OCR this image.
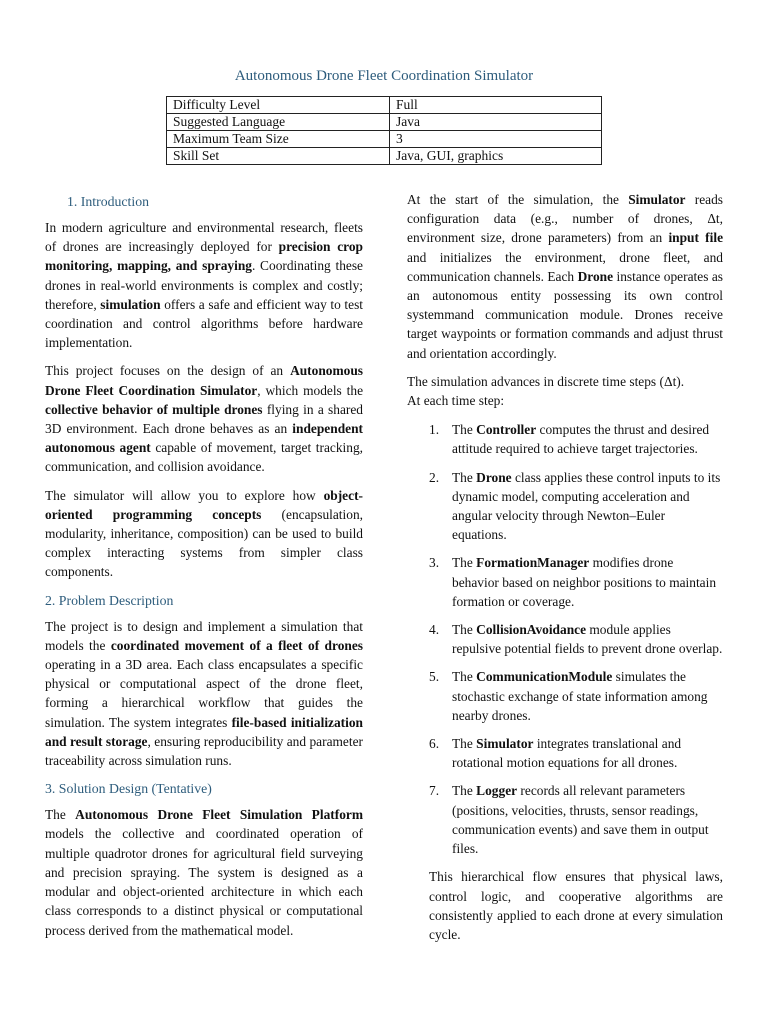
Autonomous Drone Fleet Coordination Simulator
Difficulty Level	Full
Suggested Language	Java
Maximum Team Size	3
Skill Set	Java, GUI, graphics
1. Introduction

In modern agriculture and environmental research, fleets of drones are increasingly deployed for precision crop monitoring, mapping, and spraying. Coordinating these drones in real-world environments is complex and costly; therefore, simulation offers a safe and efficient way to test coordination and control algorithms before hardware implementation.

This project focuses on the design of an Autonomous Drone Fleet Coordination Simulator, which models the collective behavior of multiple drones flying in a shared 3D environment. Each drone behaves as an independent autonomous agent capable of movement, target tracking, communication, and collision avoidance.

The simulator will allow you to explore how object-oriented programming concepts (encapsulation, modularity, inheritance, composition) can be used to build complex interacting systems from simpler class components.

2. Problem Description

The project is to design and implement a simulation that models the coordinated movement of a fleet of drones operating in a 3D area. Each class encapsulates a specific physical or computational aspect of the drone fleet, forming a hierarchical workflow that guides the simulation. The system integrates file-based initialization and result storage, ensuring reproducibility and parameter traceability across simulation runs.

3. Solution Design (Tentative)

The Autonomous Drone Fleet Simulation Platform models the collective and coordinated operation of multiple quadrotor drones for agricultural field surveying and precision spraying. The system is designed as a modular and object-oriented architecture in which each class corresponds to a distinct physical or computational process derived from the mathematical model.

At the start of the simulation, the Simulator reads configuration data (e.g., number of drones, Δt, environment size, drone parameters) from an input file and initializes the environment, drone fleet, and communication channels. Each Drone instance operates as an autonomous entity possessing its own control systemmand communication module. Drones receive target waypoints or formation commands and adjust thrust and orientation accordingly.

The simulation advances in discrete time steps (Δt).

At each time step:

1. The Controller computes the thrust and desired attitude required to achieve target trajectories.
2. The Drone class applies these control inputs to its dynamic model, computing acceleration and angular velocity through Newton–Euler equations.
3. The FormationManager modifies drone behavior based on neighbor positions to maintain formation or coverage.
4. The CollisionAvoidance module applies repulsive potential fields to prevent drone overlap.
5. The CommunicationModule simulates the stochastic exchange of state information among nearby drones.
6. The Simulator integrates translational and rotational motion equations for all drones.
7. The Logger records all relevant parameters (positions, velocities, thrusts, sensor readings, communication events) and save them in output files.

This hierarchical flow ensures that physical laws, control logic, and cooperative algorithms are consistently applied to each drone at every simulation cycle.
